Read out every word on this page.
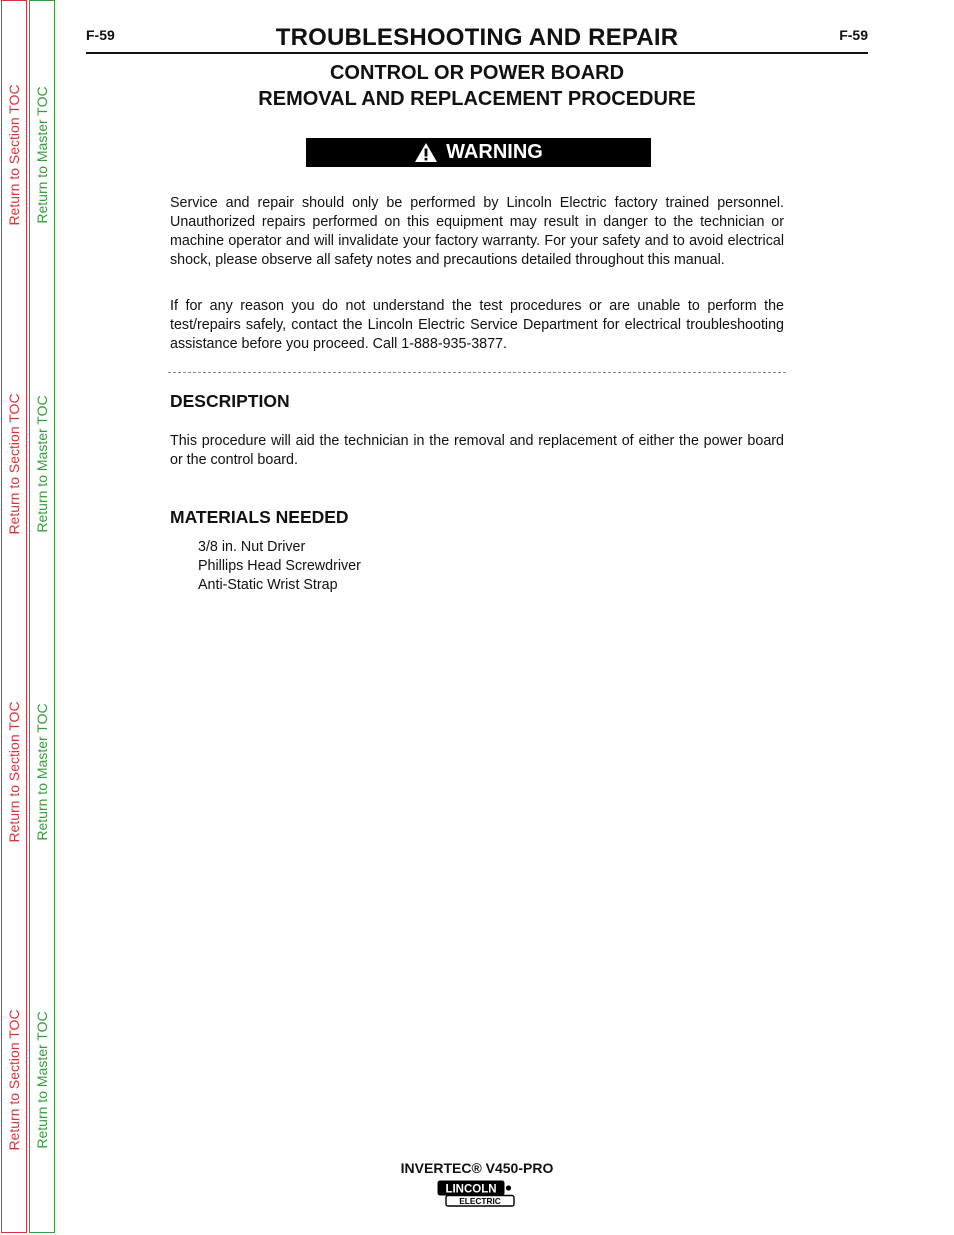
Return to Section TOC
Return to Section TOC
Return to Section TOC
Return to Section TOC
Return to Master TOC
Return to Master TOC
Return to Master TOC
Return to Master TOC
F-59	F-59
TROUBLESHOOTING AND REPAIR
CONTROL OR POWER BOARD
REMOVAL AND REPLACEMENT PROCEDURE
WARNING

Service and repair should only be performed by Lincoln Electric factory trained personnel. Unauthorized repairs performed on this equipment may result in danger to the technician or machine operator and will invalidate your factory warranty. For your safety and to avoid electrical shock, please observe all safety notes and precautions detailed throughout this manual.

If for any reason you do not understand the test procedures or are unable to perform the test/repairs safely, contact the Lincoln Electric Service Department for electrical troubleshooting assistance before you proceed. Call 1-888-935-3877.

DESCRIPTION

This procedure will aid the technician in the removal and replacement of either the power board or the control board.

MATERIALS NEEDED
3/8 in. Nut Driver
Phillips Head Screwdriver
Anti-Static Wrist Strap
INVERTEC® V450-PRO
LINCOLN
ELECTRIC
